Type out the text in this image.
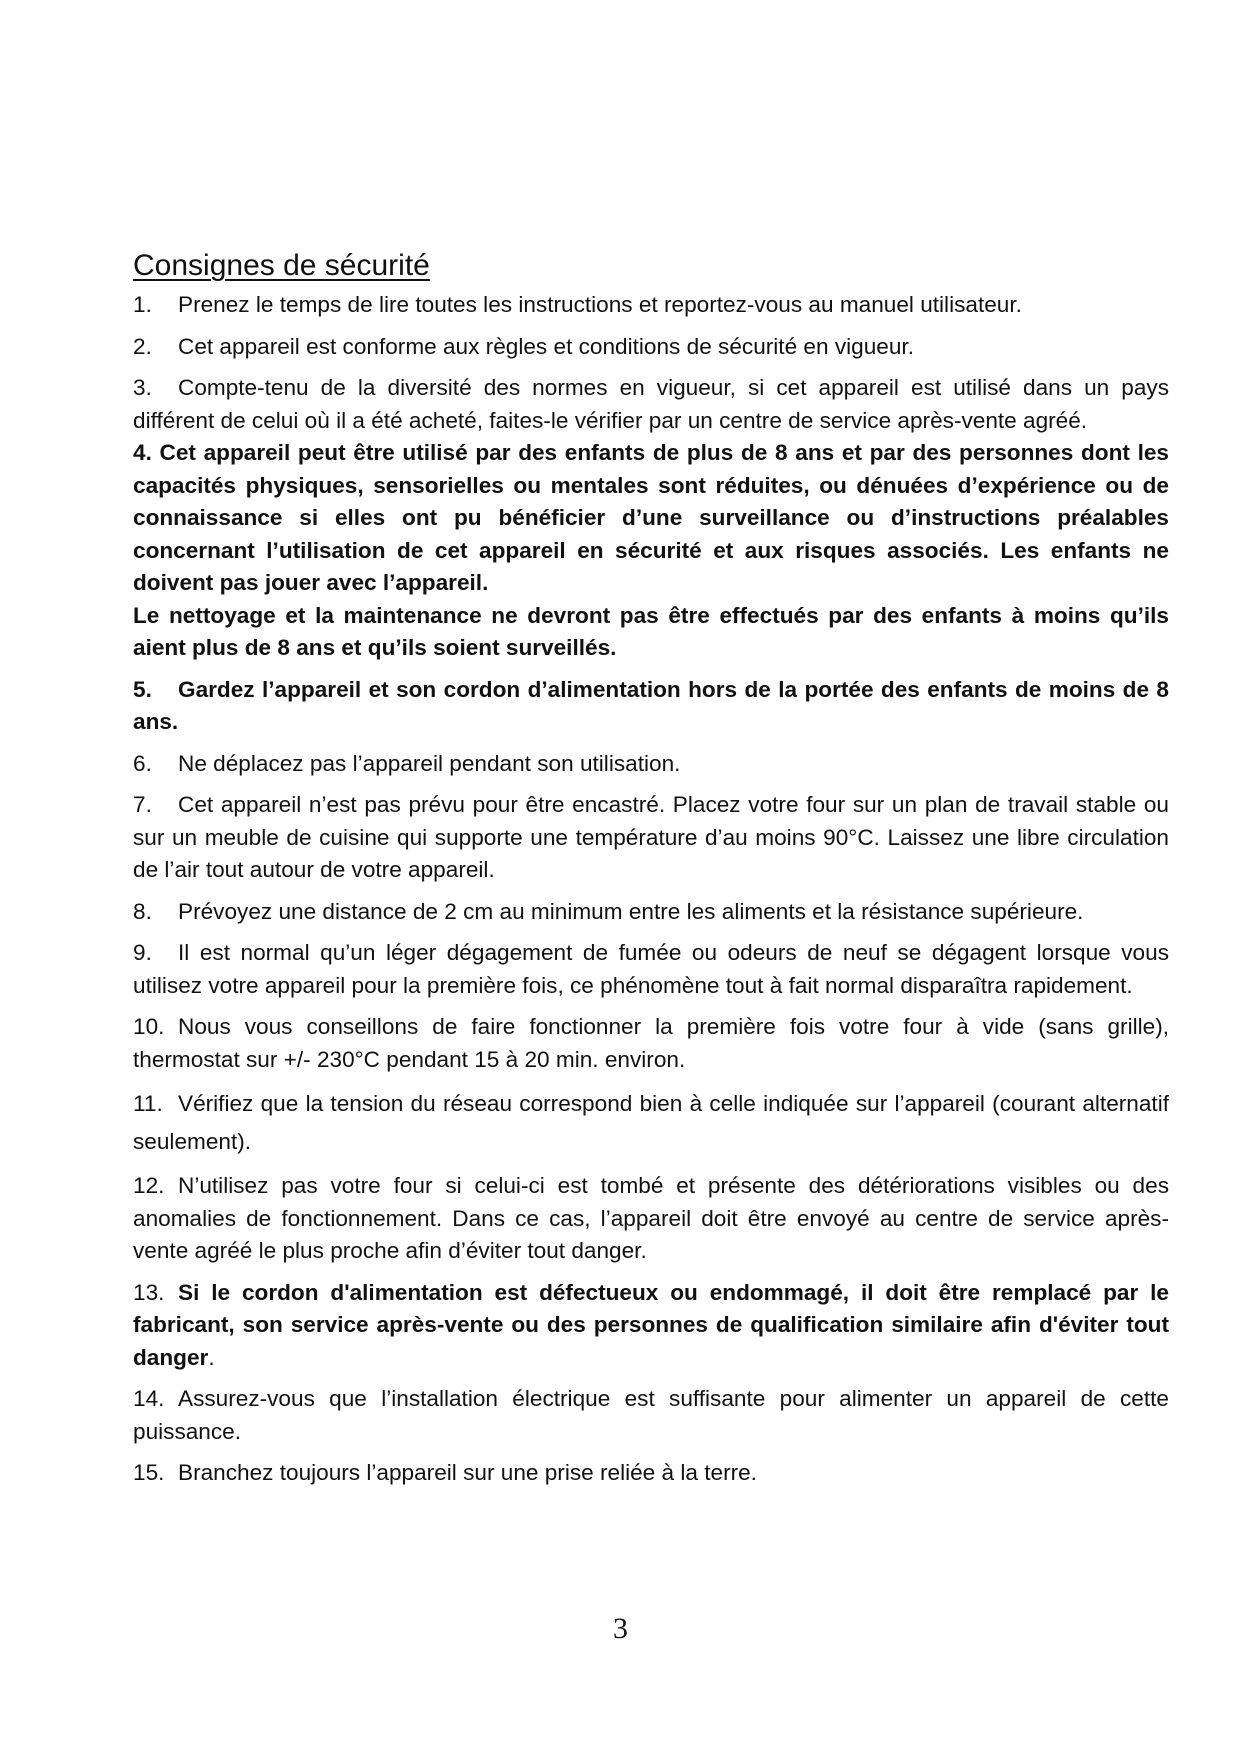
Consignes de sécurité

1. Prenez le temps de lire toutes les instructions et reportez-vous au manuel utilisateur.

2. Cet appareil est conforme aux règles et conditions de sécurité en vigueur.

3. Compte-tenu de la diversité des normes en vigueur, si cet appareil est utilisé dans un pays différent de celui où il a été acheté, faites-le vérifier par un centre de service après-vente agréé.

4. Cet appareil peut être utilisé par des enfants de plus de 8 ans et par des personnes dont les capacités physiques, sensorielles ou mentales sont réduites, ou dénuées d’expérience ou de connaissance si elles ont pu bénéficier d’une surveillance ou d’instructions préalables concernant l’utilisation de cet appareil en sécurité et aux risques associés. Les enfants ne doivent pas jouer avec l’appareil.

Le nettoyage et la maintenance ne devront pas être effectués par des enfants à moins qu’ils aient plus de 8 ans et qu’ils soient surveillés.

5. Gardez l’appareil et son cordon d’alimentation hors de la portée des enfants de moins de 8 ans.

6. Ne déplacez pas l’appareil pendant son utilisation.

7. Cet appareil n’est pas prévu pour être encastré. Placez votre four sur un plan de travail stable ou sur un meuble de cuisine qui supporte une température d’au moins 90°C. Laissez une libre circulation de l’air tout autour de votre appareil.

8. Prévoyez une distance de 2 cm au minimum entre les aliments et la résistance supérieure.

9. Il est normal qu’un léger dégagement de fumée ou odeurs de neuf se dégagent lorsque vous utilisez votre appareil pour la première fois, ce phénomène tout à fait normal disparaîtra rapidement.

10. Nous vous conseillons de faire fonctionner la première fois votre four à vide (sans grille), thermostat sur +/- 230°C pendant 15 à 20 min. environ.

11. Vérifiez que la tension du réseau correspond bien à celle indiquée sur l’appareil (courant alternatif seulement).

12. N’utilisez pas votre four si celui-ci est tombé et présente des détériorations visibles ou des anomalies de fonctionnement. Dans ce cas, l’appareil doit être envoyé au centre de service après-vente agréé le plus proche afin d’éviter tout danger.

13. Si le cordon d'alimentation est défectueux ou endommagé, il doit être remplacé par le fabricant, son service après-vente ou des personnes de qualification similaire afin d'éviter tout danger.

14. Assurez-vous que l’installation électrique est suffisante pour alimenter un appareil de cette puissance.

15. Branchez toujours l’appareil sur une prise reliée à la terre.

3
